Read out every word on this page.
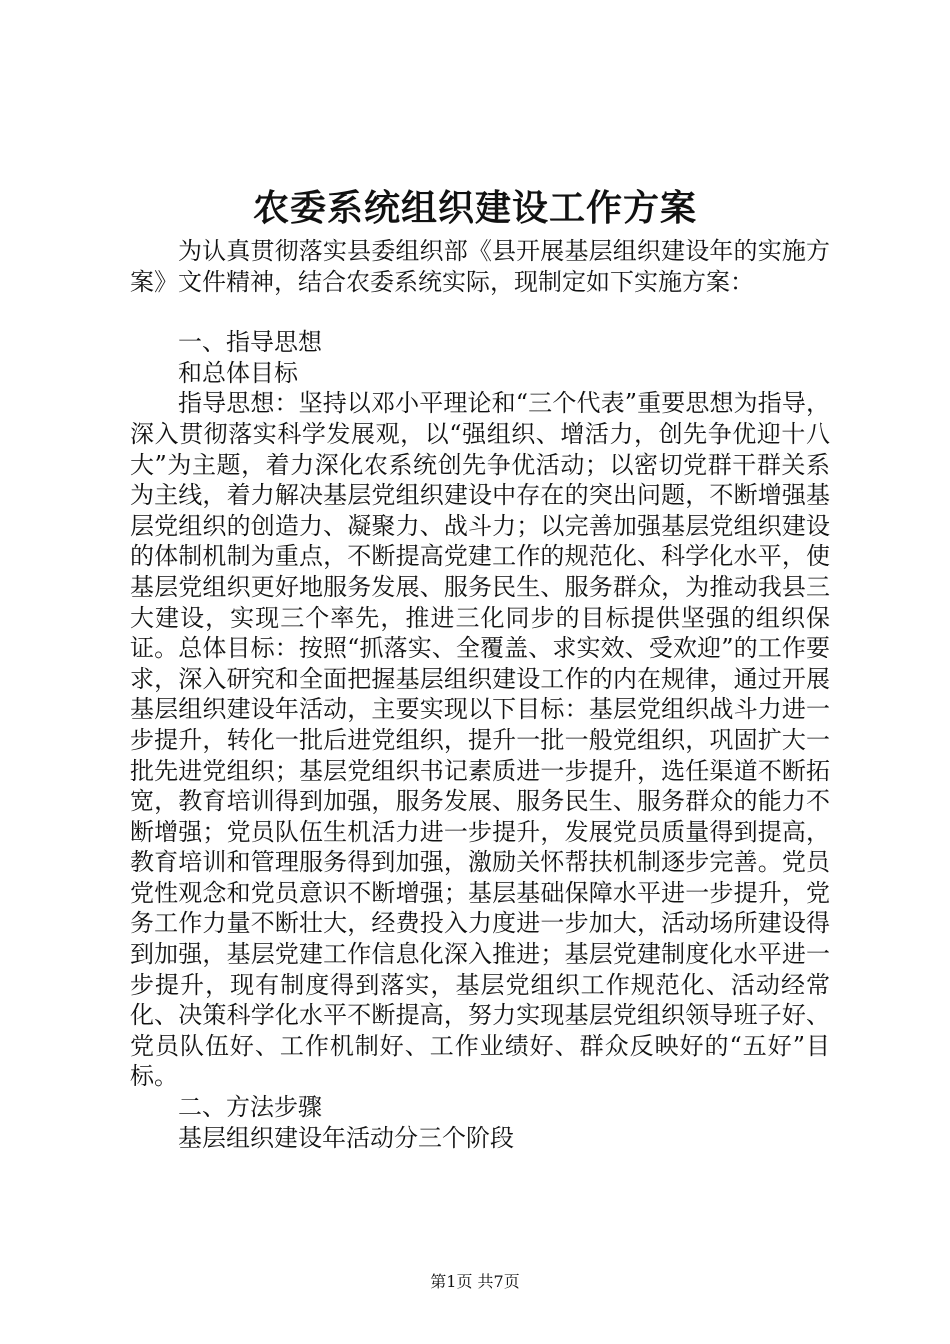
农委系统组织建设工作方案

为认真贯彻落实县委组织部《县开展基层组织建设年的实施方案》文件精神，结合农委系统实际，现制定如下实施方案：

一、指导思想

和总体目标

指导思想：坚持以邓小平理论和“三个代表”重要思想为指导，深入贯彻落实科学发展观，以“强组织、增活力，创先争优迎十八大”为主题，着力深化农系统创先争优活动；以密切党群干群关系为主线，着力解决基层党组织建设中存在的突出问题，不断增强基层党组织的创造力、凝聚力、战斗力；以完善加强基层党组织建设的体制机制为重点，不断提高党建工作的规范化、科学化水平，使基层党组织更好地服务发展、服务民生、服务群众，为推动我县三大建设，实现三个率先，推进三化同步的目标提供坚强的组织保证。总体目标：按照“抓落实、全覆盖、求实效、受欢迎”的工作要求，深入研究和全面把握基层组织建设工作的内在规律，通过开展基层组织建设年活动，主要实现以下目标：基层党组织战斗力进一步提升，转化一批后进党组织，提升一批一般党组织，巩固扩大一批先进党组织；基层党组织书记素质进一步提升，选任渠道不断拓宽，教育培训得到加强，服务发展、服务民生、服务群众的能力不断增强；党员队伍生机活力进一步提升，发展党员质量得到提高，教育培训和管理服务得到加强，激励关怀帮扶机制逐步完善。党员党性观念和党员意识不断增强；基层基础保障水平进一步提升，党务工作力量不断壮大，经费投入力度进一步加大，活动场所建设得到加强，基层党建工作信息化深入推进；基层党建制度化水平进一步提升，现有制度得到落实，基层党组织工作规范化、活动经常化、决策科学化水平不断提高，努力实现基层党组织领导班子好、党员队伍好、工作机制好、工作业绩好、群众反映好的“五好”目标。

二、方法步骤

基层组织建设年活动分三个阶段

第1页 共7页
